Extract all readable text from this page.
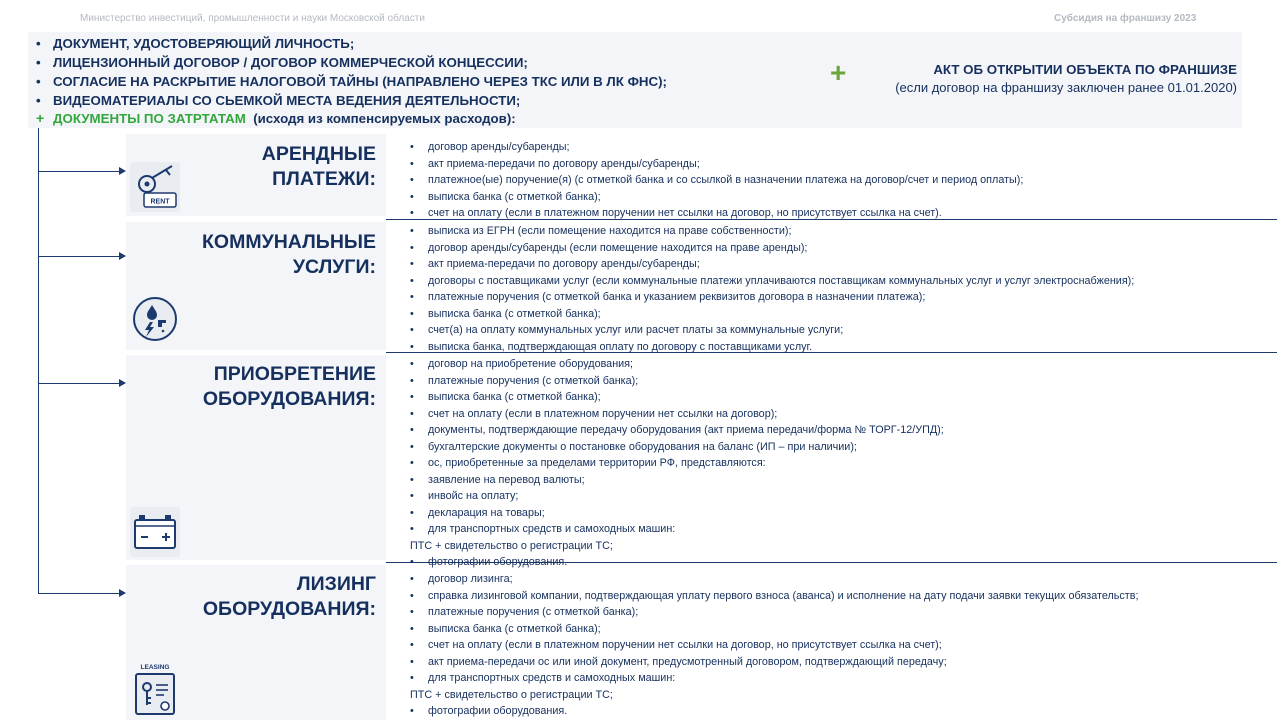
Министерство инвестиций, промышленности и науки Московской области	Субсидия на франшизу 2023
• ДОКУМЕНТ, УДОСТОВЕРЯЮЩИЙ ЛИЧНОСТЬ;
• ЛИЦЕНЗИОННЫЙ ДОГОВОР / ДОГОВОР КОММЕРЧЕСКОЙ КОНЦЕССИИ;
• СОГЛАСИЕ НА РАСКРЫТИЕ НАЛОГОВОЙ ТАЙНЫ (НАПРАВЛЕНО ЧЕРЕЗ ТКС ИЛИ В ЛК ФНС);
• ВИДЕОМАТЕРИАЛЫ СО СЬЕМКОЙ МЕСТА ВЕДЕНИЯ ДЕЯТЕЛЬНОСТИ;
+ ДОКУМЕНТЫ ПО ЗАТРТАТАМ (исходя из компенсируемых расходов):
+	АКТ ОБ ОТКРЫТИИ ОБЪЕКТА ПО ФРАНШИЗЕ
(если договор на франшизу заключен ранее 01.01.2020)
АРЕНДНЫЕ
ПЛАТЕЖИ:
RENT
• договор аренды/субаренды;
• акт приема-передачи по договору аренды/субаренды;
• платежное(ые) поручение(я) (с отметкой банка и со ссылкой в назначении платежа на договор/счет и период оплаты);
• выписка банка (с отметкой банка);
• счет на оплату (если в платежном поручении нет ссылки на договор, но присутствует ссылка на счет).
КОММУНАЛЬНЫЕ
УСЛУГИ:
• выписка из ЕГРН (если помещение находится на праве собственности);
• договор аренды/субаренды (если помещение находится на праве аренды);
• акт приема-передачи по договору аренды/субаренды;
• договоры с поставщиками услуг (если коммунальные платежи уплачиваются поставщикам коммунальных услуг и услуг электроснабжения);
• платежные поручения (с отметкой банка и указанием реквизитов договора в назначении платежа);
• выписка банка (с отметкой банка);
• счет(а) на оплату коммунальных услуг или расчет платы за коммунальные услуги;
• выписка банка, подтверждающая оплату по договору с поставщиками услуг.
ПРИОБРЕТЕНИЕ
ОБОРУДОВАНИЯ:
• договор на приобретение оборудования;
• платежные поручения (с отметкой банка);
• выписка банка (с отметкой банка);
• счет на оплату (если в платежном поручении нет ссылки на договор);
• документы, подтверждающие передачу оборудования (акт приема передачи/форма № ТОРГ-12/УПД);
• бухгалтерские документы о постановке оборудования на баланс (ИП – при наличии);
• ос, приобретенные за пределами территории РФ, представляются:
• заявление на перевод валюты;
• инвойс на оплату;
• декларация на товары;
• для транспортных средств и самоходных машин:
ПТС + свидетельство о регистрации ТС;
• фотографии оборудования.
ЛИЗИНГ
ОБОРУДОВАНИЯ:
LEASING
• договор лизинга;
• справка лизинговой компании, подтверждающая уплату первого взноса (аванса) и исполнение на дату подачи заявки текущих обязательств;
• платежные поручения (с отметкой банка);
• выписка банка (с отметкой банка);
• счет на оплату (если в платежном поручении нет ссылки на договор, но присутствует ссылка на счет);
• акт приема-передачи ос или иной документ, предусмотренный договором, подтверждающий передачу;
• для транспортных средств и самоходных машин:
ПТС + свидетельство о регистрации ТС;
• фотографии оборудования.
